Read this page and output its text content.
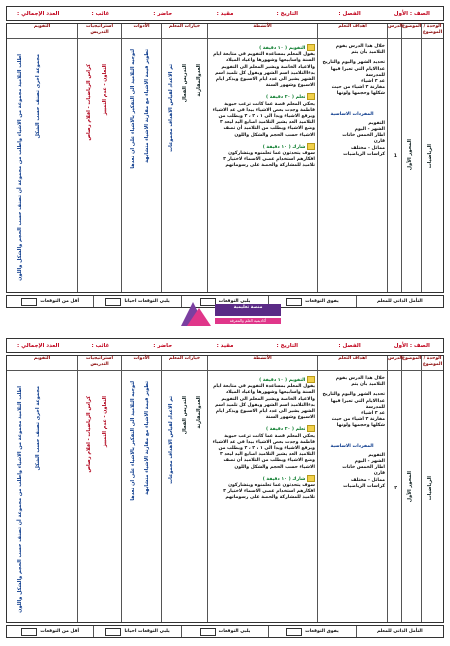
الصف : الأول
الفصل :
التاريخ :
مقيد :
حاضر :
غائب :
العدد الإجمالي :
الوحدة / الموضوع
الرياضيات
الموضوع
المحور الأول
الدرس
1
اهداف التعلم
خلال هذا الدرس يقوم التلاميذ بأن يتم
تحديد الشهر واليوم والتاريخ
عداالايام التي تعبرا فيها للمدرسة
عد ٣ اشياء
مقارنة ٣ اشياء من حيث شكلها وحجمها ولونها
المفردات الاساسية
التقويم
الشهر - اليوم
اطار الخمس خانات
قارن
مماثل - مختلف
كراسات الرياضيات
الأنشطة
التقويم ( ١٠ دقيقة )
يقول المعلم بمساعدة التقويم في متابعة ايام السنة واسابيعها وشهورها واعياد الميلاد والاعياد الخاصة ويشير المعلم الى التقويم بدءاالتلاميذ اسم الشهر ويقول كل تلميذ اسم الشهر يشير الى عدد ايام الاسبوع ويذكر ايام الاسبوع وشهور السنة
تعلم ( ٢٠ دقيقة )
يحكي المعلم قصة عما كانت ترغب حبوبة فاطمة وجدت بعض الاشياء بيدا في عد الاشياء ويرفع الاشياء ويدا الى ١ ، ٢ ، ٣ ويطلب من التلاميذ العد يشير التلاميذ اصابع اليد ليعد ٣ وضع الاشياء ويطلب من التلاميذ أن تصف الاشياء حسب الحجم والشكل واللون
شارك ( ١٠ دقيقة )
سوف يتحدثون عما تعلمنوه ويتشاركون افكارهم استخدام عصي الاسماء لاختيار ٣ تلاميذ للمشاركة والحصة على رسوماتهم
خيارات المعلم
تم الاعداد لقياس الاهداف مجموعات التدريس الفعال العدوالمقارنة
الأدوات
لتوجيه التلاميذ الى التفكير بالاشياء على ان نعدها تطوير قيمة الاشياء مع مقارنة الاشياء متشابهة
استراتيجيات التدريس
كراس الرياضيات - اقلام رصاص التعاون - عدم التمييز
التقويم
اطلب التلاميذ مجموعة من الاشياء واطلب من مجموعة أن تصنف حسب الحجم والشكل واللون مجموعة اخرى تصنف حسب الشكل
التأمل الذاتي للمعلم
يفوق التوقعات
يلبي التوقعات
يلبي التوقعات احيانا
أقل من التوقعات
منصة تعليمية
أكاديمية العلم والمعرفة
الصف : الأول
الفصل :
التاريخ :
مقيد :
حاضر :
غائب :
العدد الإجمالي :
الوحدة / الموضوع
الرياضيات
الموضوع
المحور الأول
الدرس
٢
اهداف التعلم
خلال هذا الدرس يقوم التلاميذ بأن يتم
تحديد الشهر واليوم والتاريخ
عداالايام التي تعبرا فيها للمدرسة
عد ٣ اشياء
مقارنة ٣ اشياء من حيث شكلها وحجمها ولونها
المفردات الاساسية
التقويم
الشهر - اليوم
اطار الخمس خانات
قارن
مماثل - مختلف
كراسات الرياضيات
الأنشطة
التقويم ( ١٠ دقيقة )
يقول المعلم بمساعدة التقويم في متابعة ايام السنة واسابيعها وشهورها واعياد الميلاد والاعياد الخاصة ويشير المعلم الى التقويم بدءاالتلاميذ اسم الشهر ويقول كل تلميذ اسم الشهر يشير الى عدد ايام الاسبوع ويذكر ايام الاسبوع وشهور السنة
تعلم ( ٢٠ دقيقة )
يحكي المعلم قصة عما كانت ترغب حبوبة فاطمة وجدت بعض الاشياء بيدا في عد الاشياء ويرفع الاشياء ويدا الى ١ ، ٢ ، ٣ ويطلب من التلاميذ العد يشير التلاميذ اصابع اليد ليعد ٣ وضع الاشياء ويطلب من التلاميذ أن تصف الاشياء حسب الحجم والشكل واللون
شارك ( ١٠ دقيقة )
سوف يتحدثون عما تعلمنوه ويتشاركون افكارهم استخدام عصي الاسماء لاختيار ٣ تلاميذ للمشاركة والحصة على رسوماتهم
خيارات المعلم
تم الاعداد لقياس الاهداف مجموعات التدريس الفعال العدوالمقارنة
الأدوات
لتوجيه التلاميذ الى التفكير بالاشياء على ان نعدها تطوير قيمة الاشياء مع مقارنة الاشياء متشابهة
استراتيجيات التدريس
كراس الرياضيات - اقلام رصاص التعاون - عدم التمييز
التقويم
اطلب التلاميذ مجموعة من الاشياء واطلب من مجموعة أن تصنف حسب الحجم والشكل واللون مجموعة اخرى تصنف حسب الشكل
التأمل الذاتي للمعلم
يفوق التوقعات
يلبي التوقعات
يلبي التوقعات احيانا
أقل من التوقعات
